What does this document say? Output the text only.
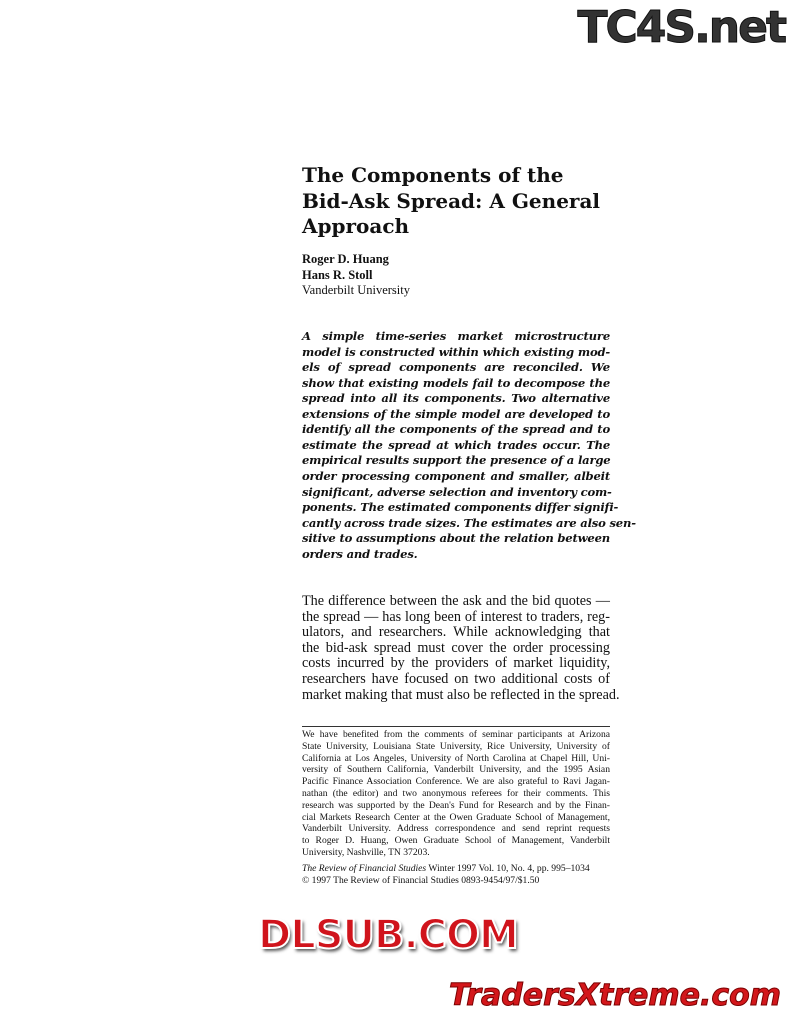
TC4S.net
The Components of the
Bid-Ask Spread: A General
Approach
Roger D. Huang
Hans R. Stoll
Vanderbilt University
A simple time-series market microstructure
model is constructed within which existing mod-
els of spread components are reconciled. We
show that existing models fail to decompose the
spread into all its components. Two alternative
extensions of the simple model are developed to
identify all the components of the spread and to
estimate the spread at which trades occur. The
empirical results support the presence of a large
order processing component and smaller, albeit
significant, adverse selection and inventory com-
ponents. The estimated components differ signifi-
cantly across trade sizes. The estimates are also sen-
sitive to assumptions about the relation between
orders and trades.
The difference between the ask and the bid quotes —
the spread — has long been of interest to traders, reg-
ulators, and researchers. While acknowledging that
the bid-ask spread must cover the order processing
costs incurred by the providers of market liquidity,
researchers have focused on two additional costs of
market making that must also be reflected in the spread.
We have benefited from the comments of seminar participants at Arizona
State University, Louisiana State University, Rice University, University of
California at Los Angeles, University of North Carolina at Chapel Hill, Uni-
versity of Southern California, Vanderbilt University, and the 1995 Asian
Pacific Finance Association Conference. We are also grateful to Ravi Jagan-
nathan (the editor) and two anonymous referees for their comments. This
research was supported by the Dean's Fund for Research and by the Finan-
cial Markets Research Center at the Owen Graduate School of Management,
Vanderbilt University. Address correspondence and send reprint requests
to Roger D. Huang, Owen Graduate School of Management, Vanderbilt
University, Nashville, TN 37203.
The Review of Financial Studies Winter 1997 Vol. 10, No. 4, pp. 995–1034
© 1997 The Review of Financial Studies 0893-9454/97/$1.50
DLSUB.COM
TradersXtreme.com
